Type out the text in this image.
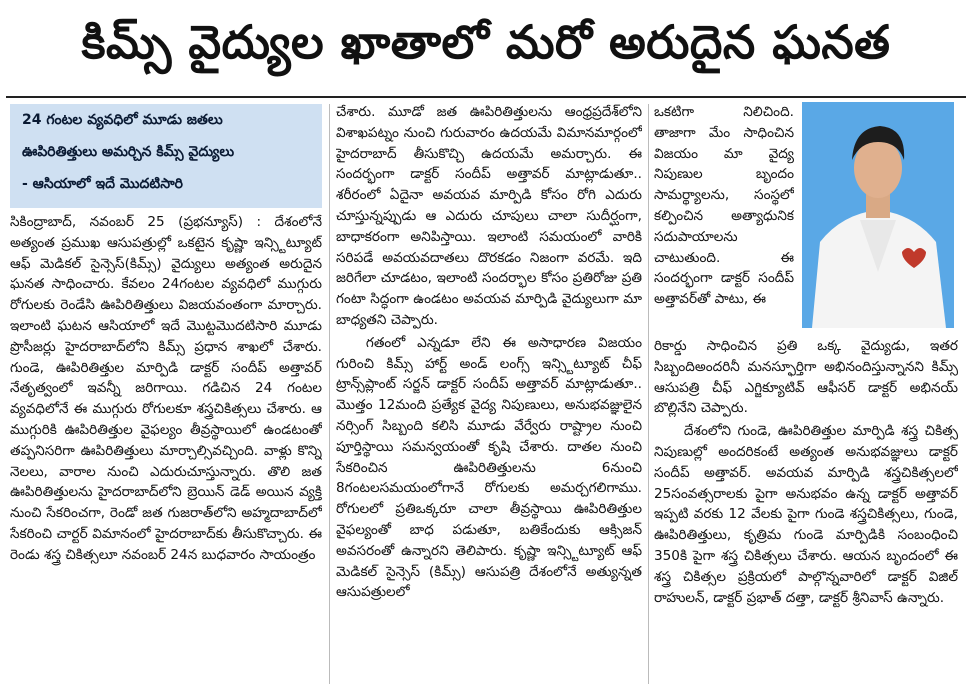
కిమ్స్ వైద్యుల ఖాతాలో మరో అరుదైన ఘనత
24 గంటల వ్యవధిలో మూడు జతలు
ఊపిరితిత్తులు అమర్చిన కిమ్స్ వైద్యులు
- ఆసియాలో ఇదే మొదటిసారి

సికింద్రాబాద్, నవంబర్ 25 (ప్రభన్యూస్) : దేశంలోనే అత్యంత ప్రముఖ ఆసుపత్రుల్లో ఒకటైన కృష్ణా ఇన్స్టిట్యూట్ ఆఫ్ మెడికల్ సైన్సెస్(కిమ్స్) వైద్యులు అత్యంత అరుదైన ఘనత సాధించారు. కేవలం 24గంటల వ్యవధిలో ముగ్గురు రోగులకు రెండేసి ఊపిరితిత్తులు విజయవంతంగా మార్చారు. ఇలాంటి ఘటన ఆసియాలో ఇదే మొట్టమొదటిసారి మూడు ప్రొసీజర్లు హైదరాబాద్‌లోని కిమ్స్ ప్రధాన శాఖలో చేశారు. గుండె, ఊపిరితిత్తుల మార్పిడి డాక్టర్ సందీప్ అత్తావర్ నేతృత్వంలో ఇవన్నీ జరిగాయి. గడిచిన 24 గంటల వ్యవధిలోనే ఈ ముగ్గురు రోగులకూ శస్త్రచికిత్సలు చేశారు. ఆ ముగ్గురికి ఊపిరితిత్తుల వైఫల్యం తీవ్రస్థాయిలో ఉండటంతో తప్పనిసరిగా ఊపిరితిత్తులు మార్చాల్సివచ్చింది. వాళ్లు కొన్ని నెలలు, వారాల నుంచి ఎదురుచూస్తున్నారు. తొలి జత ఊపిరితిత్తులను హైదరాబాద్‌లోని బ్రెయిన్ డెడ్ అయిన వ్యక్తి నుంచి సేకరించగా, రెండో జత గుజరాత్‌లోని అహ్మదాబాద్‌లో సేకరించి చార్టర్ విమానంలో హైదరాబాద్‌కు తీసుకొచ్చారు. ఈ రెండు శస్త్ర చికిత్సలూ నవంబర్ 24న బుధవారం సాయంత్రం

చేశారు. మూడో జత ఊపిరితిత్తులను ఆంధ్రప్రదేశ్‌లోని విశాఖపట్నం నుంచి గురువారం ఉదయమే విమానమార్గంలో హైదరాబాద్ తీసుకొచ్చి ఉదయమే అమర్చారు. ఈ సందర్భంగా డాక్టర్ సందీప్ అత్తావర్ మాట్లాడుతూ.. శరీరంలో ఏదైనా అవయవ మార్పిడి కోసం రోగి ఎదురు చూస్తున్నప్పుడు ఆ ఎదురు చూపులు చాలా సుదీర్ఘంగా, బాధాకరంగా అనిపిస్తాయి. ఇలాంటి సమయంలో వారికి సరిపడే అవయవదాతలు దొరకడం నిజంగా వరమే. ఇది జరిగేలా చూడటం, ఇలాంటి సందర్భాల కోసం ప్రతిరోజు ప్రతి గంటా సిద్ధంగా ఉండటం అవయవ మార్పిడి వైద్యులుగా మా బాధ్యతని చెప్పారు.

గతంలో ఎన్నడూ లేని ఈ అసాధారణ విజయం గురించి కిమ్స్ హార్ట్ అండ్ లంగ్స్ ఇన్స్టిట్యూట్ చీఫ్ ట్రాన్స్‌ప్లాంట్ సర్జన్ డాక్టర్ సందీప్ అత్తావర్ మాట్లాడుతూ.. మొత్తం 12మంది ప్రత్యేక వైద్య నిపుణులు, అనుభవజ్ఞులైన నర్సింగ్ సిబ్బంది కలిసి మూడు వేర్వేరు రాష్ట్రాల నుంచి పూర్తిస్థాయి సమన్వయంతో కృషి చేశారు. దాతల నుంచి సేకరించిన ఊపిరితిత్తులను 6నుంచి 8గంటలసమయంలోగానే రోగులకు అమర్చగలిగాము. రోగులలో ప్రతిఒక్కరూ చాలా తీవ్రస్థాయి ఊపిరితిత్తుల వైఫల్యంతో బాధ పడుతూ, బతికేందుకు ఆక్సిజన్ అవసరంతో ఉన్నారని తెలిపారు. కృష్ణా ఇన్స్టిట్యూట్ ఆఫ్ మెడికల్ సైన్సెస్ (కిమ్స్) ఆసుపత్రి దేశంలోనే అత్యున్నత ఆసుపత్రులలో

ఒకటిగా నిలిచింది. తాజాగా మేం సాధించిన విజయం మా వైద్య నిపుణుల బృందం సామర్థ్యాలను, సంస్థలో కల్పించిన అత్యాధునిక సదుపాయాలను చాటుతుంది. ఈ సందర్భంగా డాక్టర్ సందీప్ అత్తావర్‌తో పాటు, ఈ

రికార్డు సాధించిన ప్రతి ఒక్క వైద్యుడు, ఇతర సిబ్బందిఅందరినీ మనస్ఫూర్తిగా అభినందిస్తున్నానని కిమ్స్ ఆసుపత్రి చీఫ్ ఎగ్జిక్యూటివ్ ఆఫీసర్ డాక్టర్ అభినయ్ బొల్లినేని చెప్పారు.

దేశంలోని గుండె, ఊపిరితిత్తుల మార్పిడి శస్త్ర చికిత్స నిపుణుల్లో అందరికంటే అత్యంత అనుభవజ్ఞులు డాక్టర్ సందీప్ అత్తావర్. అవయవ మార్పిడి శస్త్రచికిత్సలలో 25సంవత్సరాలకు పైగా అనుభవం ఉన్న డాక్టర్ అత్తావర్ ఇప్పటి వరకు 12 వేలకు పైగా గుండె శస్త్రచికిత్సలు, గుండె, ఊపిరితిత్తులు, కృత్రిమ గుండె మార్పిడికి సంబంధించి 350కి పైగా శస్త్ర చికిత్సలు చేశారు. ఆయన బృందంలో ఈ శస్త్ర చికిత్సల ప్రక్రియలో పాల్గొన్నవారిలో డాక్టర్ విజిల్ రాహులన్, డాక్టర్ ప్రభాత్ దత్తా, డాక్టర్ శ్రీనివాస్ ఉన్నారు.
